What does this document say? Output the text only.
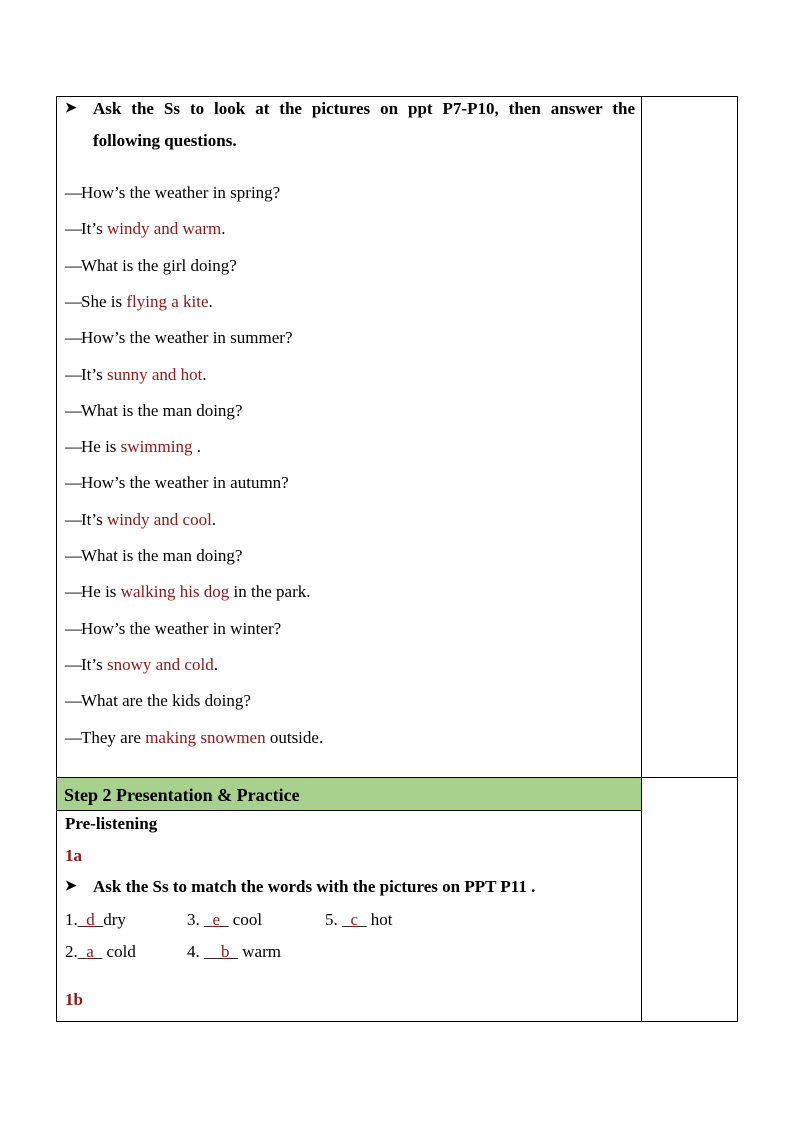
➤ Ask the Ss to look at the pictures on ppt P7-P10, then answer the
following questions.
—How’s the weather in spring?
—It’s windy and warm.
—What is the girl doing?
—She is flying a kite.
—How’s the weather in summer?
—It’s sunny and hot.
—What is the man doing?
—He is swimming .
—How’s the weather in autumn?
—It’s windy and cool.
—What is the man doing?
—He is walking his dog in the park.
—How’s the weather in winter?
—It’s snowy and cold.
—What are the kids doing?
—They are making snowmen outside.
Step 2 Presentation & Practice
Pre-listening
1a
➤ Ask the Ss to match the words with the pictures on PPT P11 .
1._d_dry	3. _e_ cool	5. _c_ hot
2._a_ cold	4. __b_ warm
1b
